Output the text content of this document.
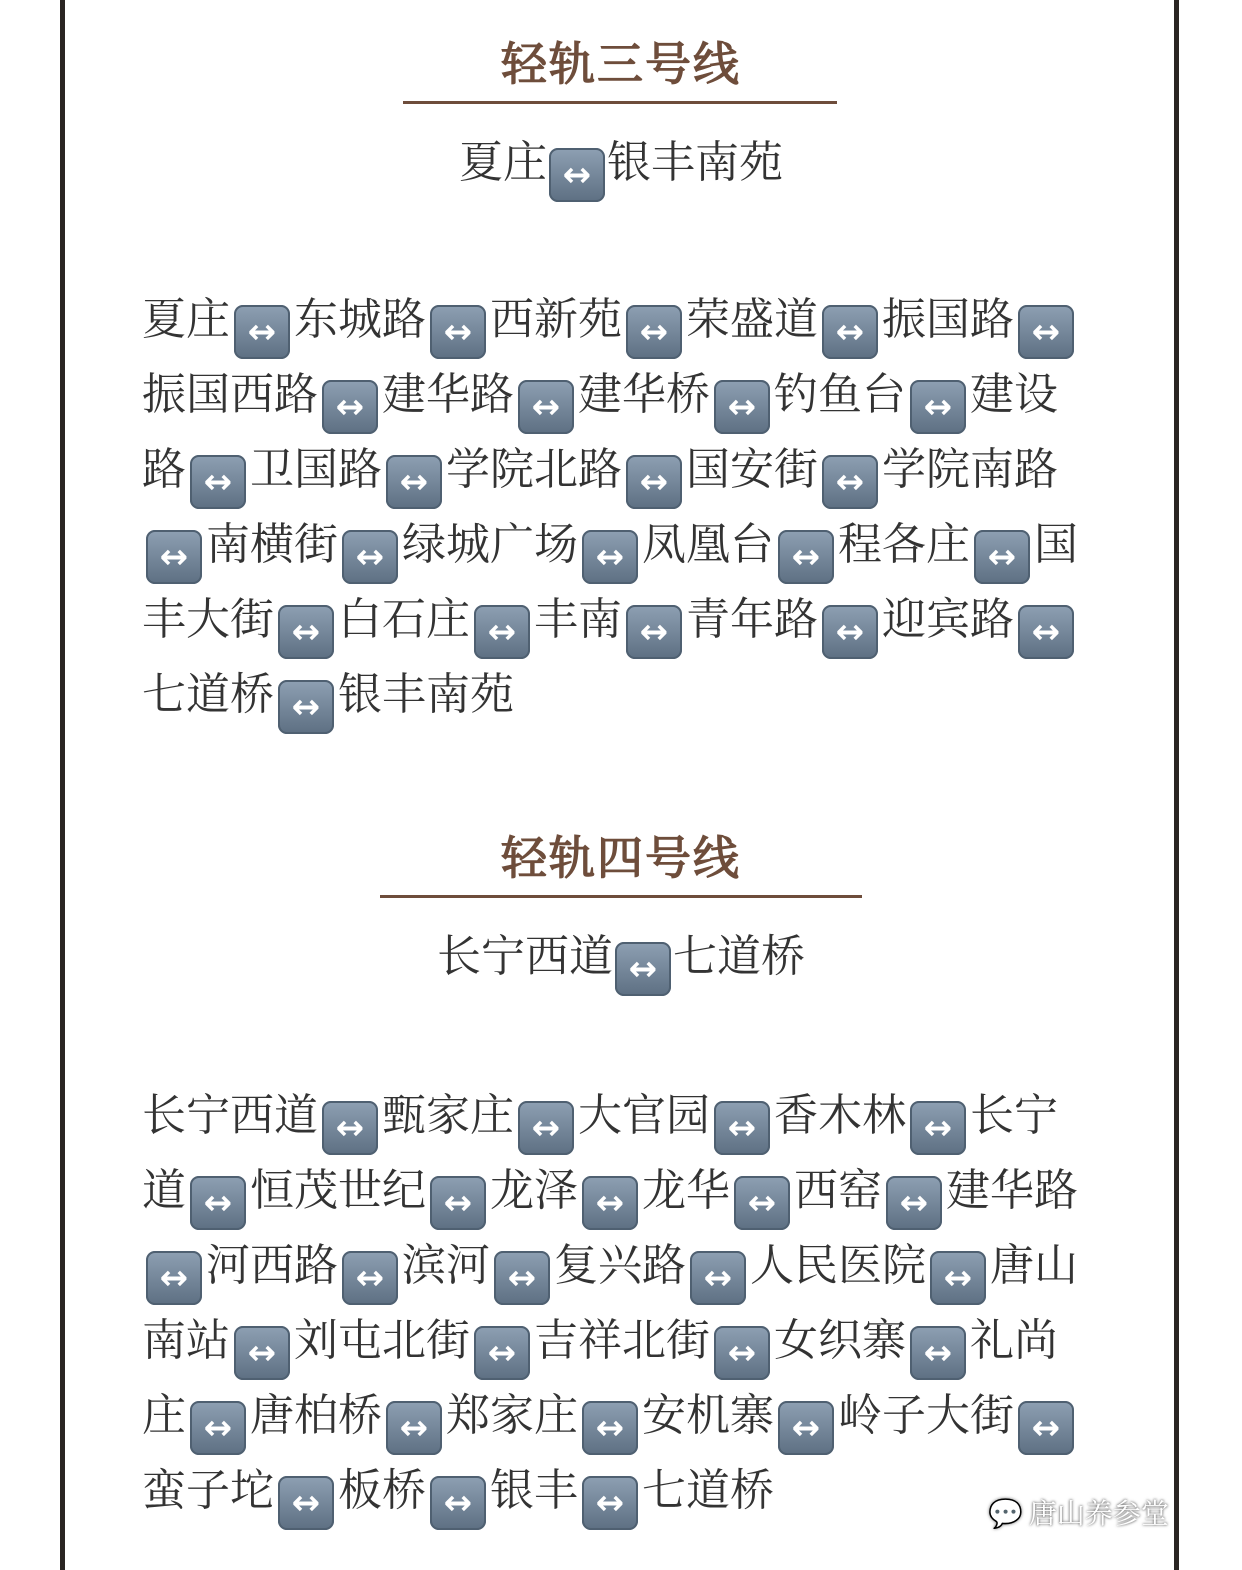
轻轨三号线
夏庄 ↔ 银丰南苑
夏庄 ↔ 东城路 ↔ 西新苑 ↔ 荣盛道 ↔ 振国路 ↔振国西路 ↔ 建华路 ↔ 建华桥 ↔ 钓鱼台 ↔ 建设路 ↔ 卫国路 ↔ 学院北路 ↔ 国安街 ↔ 学院南路↔ 南横街 ↔ 绿城广场 ↔ 凤凰台 ↔ 程各庄 ↔ 国丰大街 ↔ 白石庄 ↔ 丰南 ↔ 青年路 ↔ 迎宾路 ↔七道桥 ↔ 银丰南苑
轻轨四号线
长宁西道 ↔ 七道桥
长宁西道 ↔ 甄家庄 ↔ 大官园 ↔ 香木林 ↔ 长宁道 ↔ 恒茂世纪 ↔ 龙泽 ↔ 龙华 ↔ 西窑 ↔ 建华路↔ 河西路 ↔ 滨河 ↔ 复兴路 ↔ 人民医院 ↔ 唐山南站 ↔ 刘屯北街 ↔ 吉祥北街 ↔ 女织寨 ↔ 礼尚庄 ↔ 唐柏桥 ↔ 郑家庄 ↔ 安机寨 ↔ 岭子大街 ↔蛮子坨 ↔ 板桥 ↔ 银丰 ↔ 七道桥	💬 唐山养参堂
